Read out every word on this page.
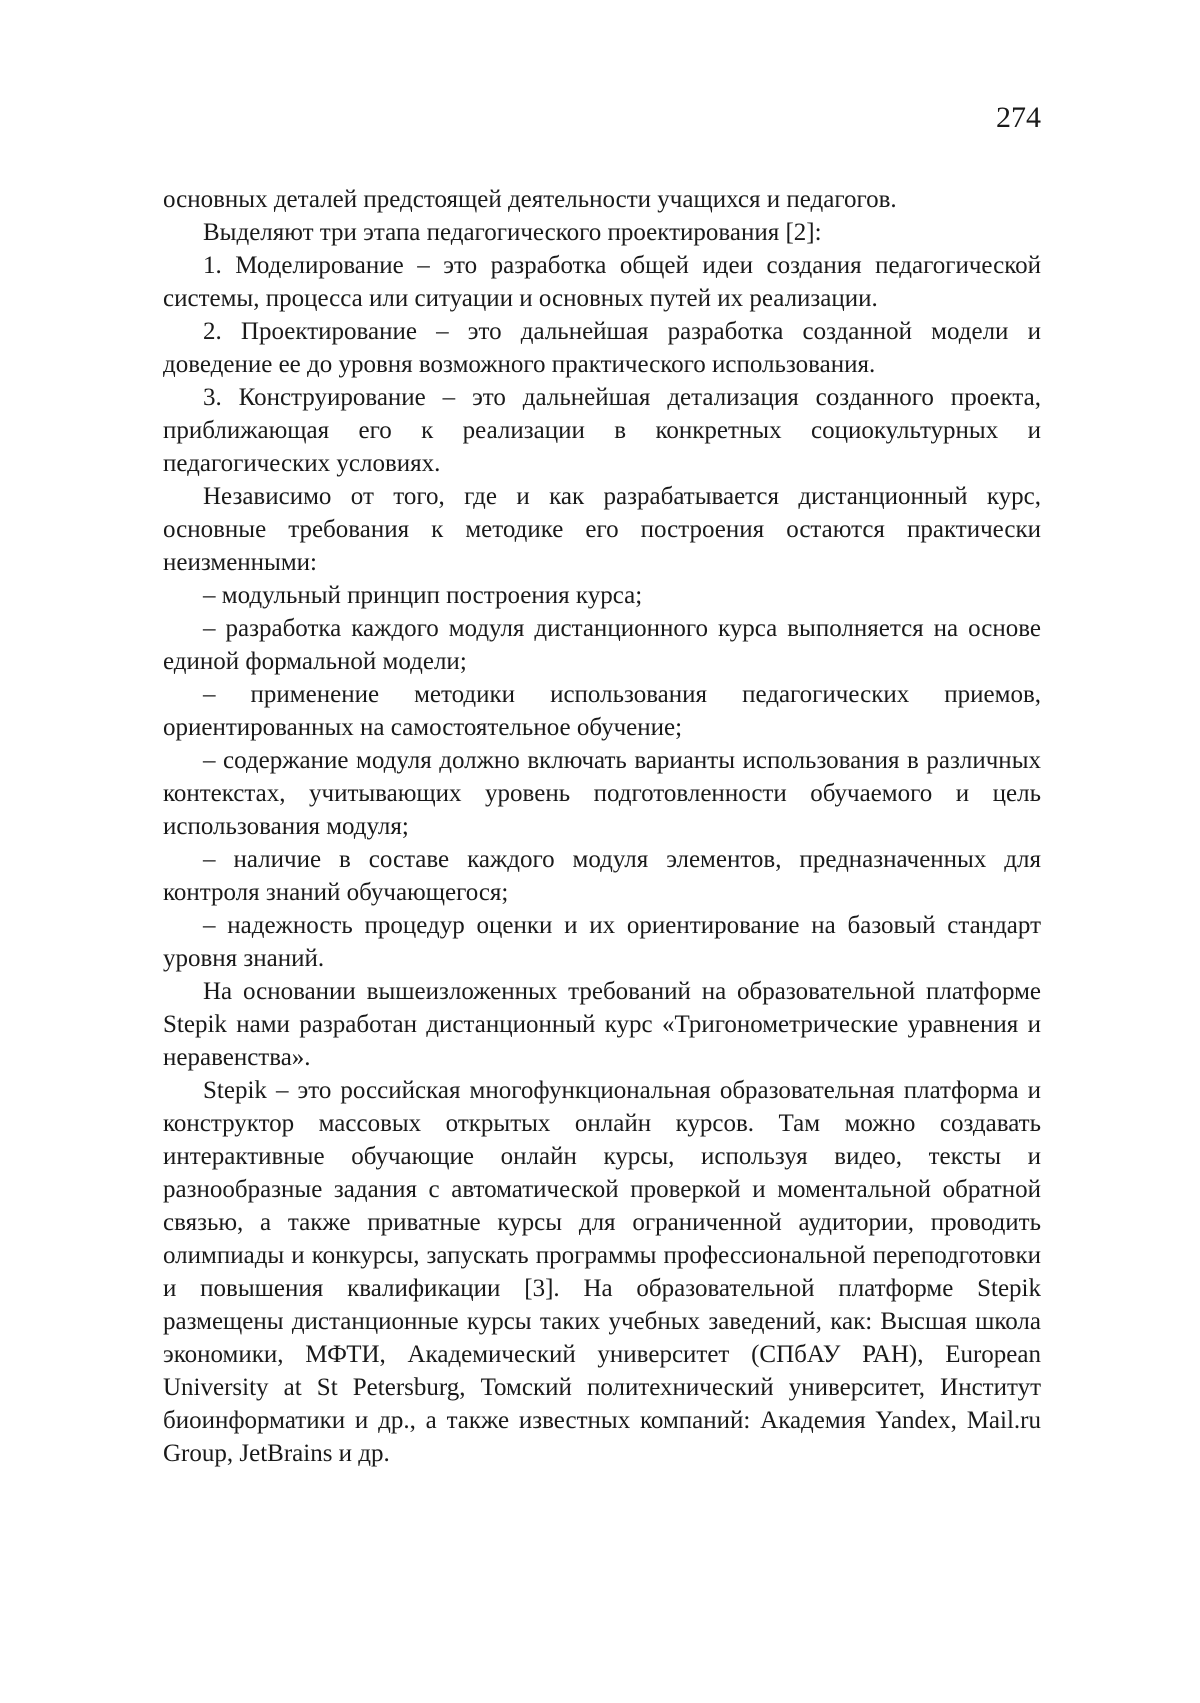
274

основных деталей предстоящей деятельности учащихся и педагогов.

Выделяют три этапа педагогического проектирования [2]:

1. Моделирование – это разработка общей идеи создания педагогической системы, процесса или ситуации и основных путей их реализации.

2. Проектирование – это дальнейшая разработка созданной модели и доведение ее до уровня возможного практического использования.

3. Конструирование – это дальнейшая детализация созданного проекта, приближающая его к реализации в конкретных социокультурных и педагогических условиях.

Независимо от того, где и как разрабатывается дистанционный курс, основные требования к методике его построения остаются практически неизменными:

– модульный принцип построения курса;

– разработка каждого модуля дистанционного курса выполняется на основе единой формальной модели;

– применение методики использования педагогических приемов, ориентированных на самостоятельное обучение;

– содержание модуля должно включать варианты использования в различных контекстах, учитывающих уровень подготовленности обучаемого и цель использования модуля;

– наличие в составе каждого модуля элементов, предназначенных для контроля знаний обучающегося;

– надежность процедур оценки и их ориентирование на базовый стандарт уровня знаний.

На основании вышеизложенных требований на образовательной платформе Stepik нами разработан дистанционный курс «Тригонометрические уравнения и неравенства».

Stepik – это российская многофункциональная образовательная платформа и конструктор массовых открытых онлайн курсов. Там можно создавать интерактивные обучающие онлайн курсы, используя видео, тексты и разнообразные задания с автоматической проверкой и моментальной обратной связью, а также приватные курсы для ограниченной аудитории, проводить олимпиады и конкурсы, запускать программы профессиональной переподготовки и повышения квалификации [3]. На образовательной платформе Stepik размещены дистанционные курсы таких учебных заведений, как: Высшая школа экономики, МФТИ, Академический университет (СПбАУ РАН), European University at St Petersburg, Томский политехнический университет, Институт биоинформатики и др., а также известных компаний: Академия Yandex, Mail.ru Group, JetBrains и др.
